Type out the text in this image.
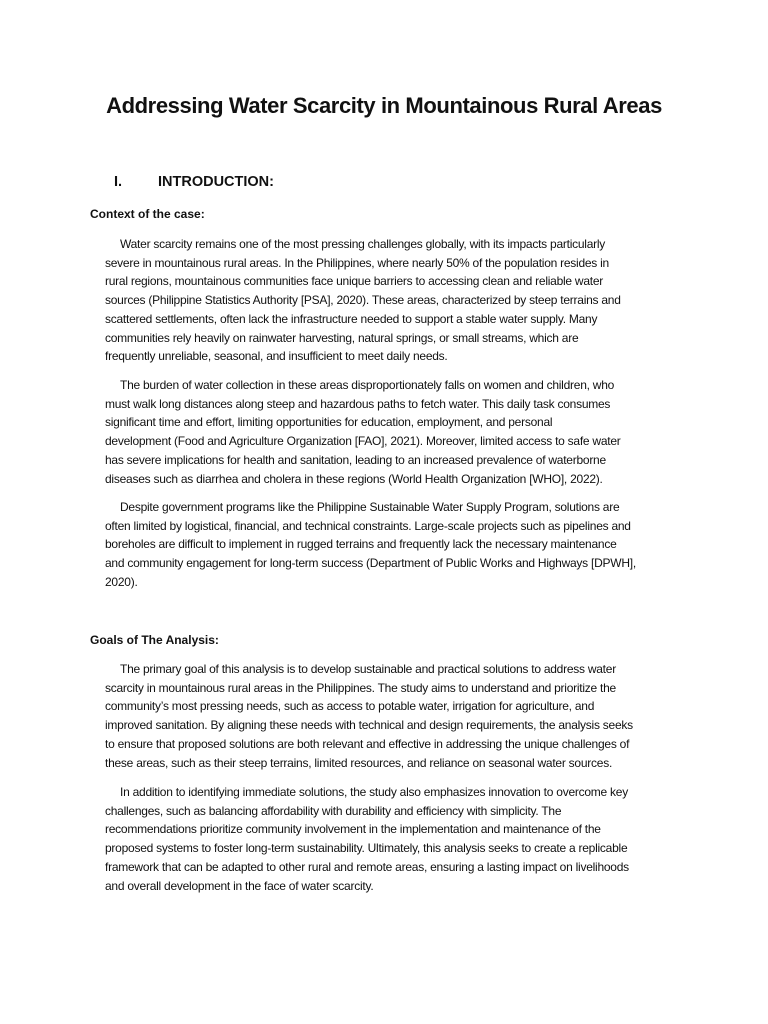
Addressing Water Scarcity in Mountainous Rural Areas
I. INTRODUCTION:
Context of the case:

Water scarcity remains one of the most pressing challenges globally, with its impacts particularly
severe in mountainous rural areas. In the Philippines, where nearly 50% of the population resides in
rural regions, mountainous communities face unique barriers to accessing clean and reliable water
sources (Philippine Statistics Authority [PSA], 2020). These areas, characterized by steep terrains and
scattered settlements, often lack the infrastructure needed to support a stable water supply. Many
communities rely heavily on rainwater harvesting, natural springs, or small streams, which are
frequently unreliable, seasonal, and insufficient to meet daily needs.

The burden of water collection in these areas disproportionately falls on women and children, who
must walk long distances along steep and hazardous paths to fetch water. This daily task consumes
significant time and effort, limiting opportunities for education, employment, and personal
development (Food and Agriculture Organization [FAO], 2021). Moreover, limited access to safe water
has severe implications for health and sanitation, leading to an increased prevalence of waterborne
diseases such as diarrhea and cholera in these regions (World Health Organization [WHO], 2022).

Despite government programs like the Philippine Sustainable Water Supply Program, solutions are
often limited by logistical, financial, and technical constraints. Large-scale projects such as pipelines and
boreholes are difficult to implement in rugged terrains and frequently lack the necessary maintenance
and community engagement for long-term success (Department of Public Works and Highways [DPWH],
2020).

Goals of The Analysis:

The primary goal of this analysis is to develop sustainable and practical solutions to address water
scarcity in mountainous rural areas in the Philippines. The study aims to understand and prioritize the
community’s most pressing needs, such as access to potable water, irrigation for agriculture, and
improved sanitation. By aligning these needs with technical and design requirements, the analysis seeks
to ensure that proposed solutions are both relevant and effective in addressing the unique challenges of
these areas, such as their steep terrains, limited resources, and reliance on seasonal water sources.

In addition to identifying immediate solutions, the study also emphasizes innovation to overcome key
challenges, such as balancing affordability with durability and efficiency with simplicity. The
recommendations prioritize community involvement in the implementation and maintenance of the
proposed systems to foster long-term sustainability. Ultimately, this analysis seeks to create a replicable
framework that can be adapted to other rural and remote areas, ensuring a lasting impact on livelihoods
and overall development in the face of water scarcity.
